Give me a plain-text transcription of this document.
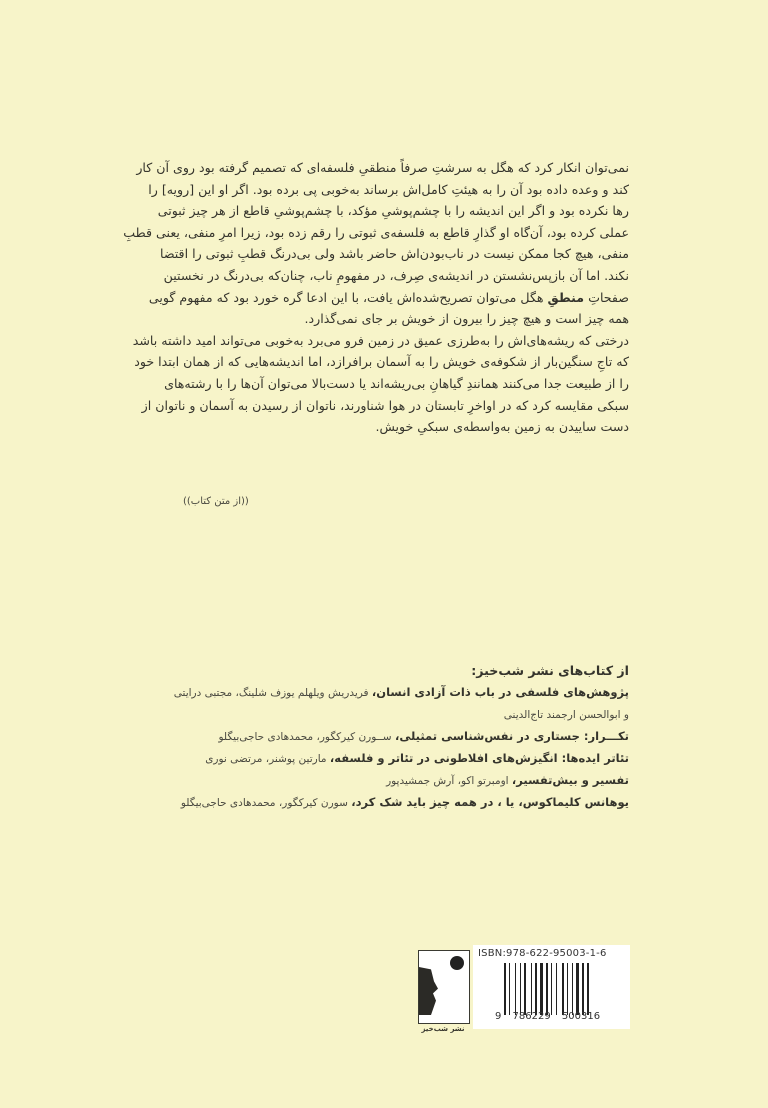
نمی‌توان انکار کرد که هگل به سرشتِ صرفاً منطقیِ فلسفه‌ای که تصمیم گرفته بود روی آن کار
کند و وعده داده بود آن را به هیئتِ کامل‌اش برساند به‌خوبی پی برده بود. اگر او این [رویه] را
رها نکرده بود و اگر این اندیشه را با چشم‌پوشیِ مؤکد، با چشم‌پوشیِ قاطع از هر چیز ثبوتی
عملی کرده بود، آن‌گاه او گذارِ قاطع به فلسفه‌ی ثبوتی را رقم زده بود، زیرا امرِ منفی، یعنی قطبِ
منفی، هیچ کجا ممکن نیست در ناب‌بودن‌اش حاضر باشد ولی بی‌درنگ قطبِ ثبوتی را اقتضا
نکند. اما آن بازپس‌نشستن در اندیشه‌ی صِرف، در مفهومِ ناب، چنان‌که بی‌درنگ در نخستین
صفحاتِ منطقِ هگل می‌توان تصریح‌شده‌اش یافت، با این ادعا گره خورد بود که مفهوم گویی
همه چیز است و هیچ چیز را بیرون از خویش بر جای نمی‌گذارد.
درختی که ریشه‌های‌اش را به‌طرزی عمیق در زمین فرو می‌برد به‌خوبی می‌تواند امید داشته باشد
که تاجِ سنگین‌بار از شکوفه‌ی خویش را به آسمان برافرازد، اما اندیشه‌هایی که از همان ابتدا خود
را از طبیعت جدا می‌کنند همانندِ گیاهانِ بی‌ریشه‌اند یا دست‌بالا می‌توان آن‌ها را با رشته‌های
سبکی مقایسه کرد که در اواخرِ تابستان در هوا شناورند، ناتوان از رسیدن به آسمان و ناتوان از
دست ساییدن به زمین به‌واسطه‌ی سبکیِ خویش.
((از متن کتاب))
از کتاب‌های نشر شب‌خیز:
پژوهش‌های فلسفی در باب ذات آزادی انسان، فریدریش ویلهلم یوزف شلینگ، مجتبی درایتی
و ابوالحسن ارجمند تاج‌الدینی
تکـــرار: جستاری در نفس‌شناسی تمثیلی، ســورن کیرکگور، محمدهادی حاجی‌بیگلو
تئاتر ایده‌ها: انگیزش‌های افلاطونی در تئاتر و فلسفه، مارتین پوشنر، مرتضی نوری
تفسیر و بیش‌تفسیر، اومبرتو اکو، آرش جمشیدپور
یوهانس کلیماکوس، یا ، در همه چیز باید شک کرد، سورن کیرکگور، محمدهادی حاجی‌بیگلو
نشر شب‌خیز
ISBN:978-622-95003-1-6
9 786229 500316
